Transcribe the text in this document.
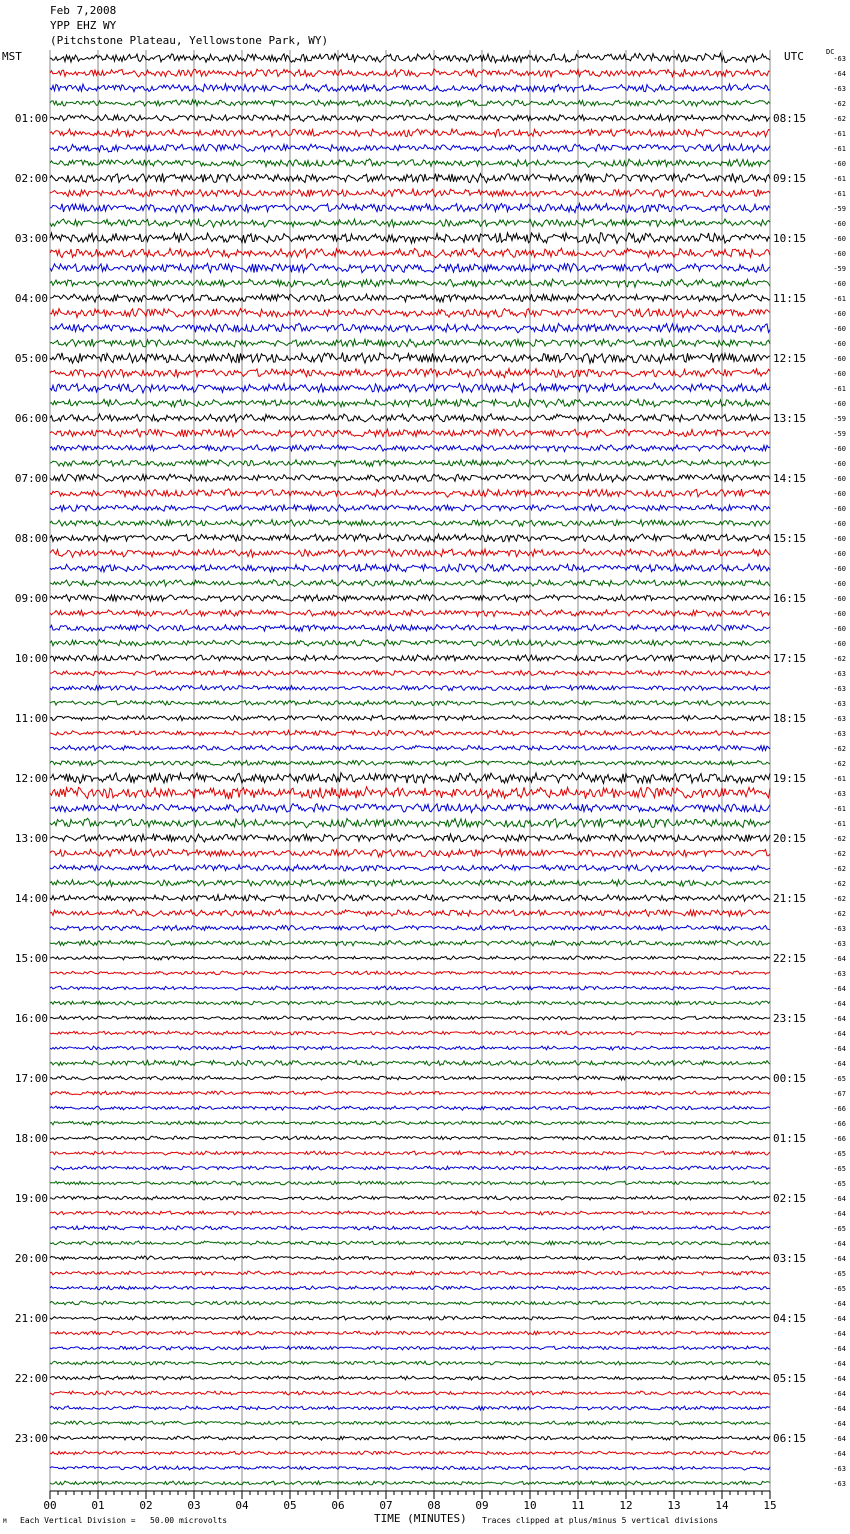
Feb 7,2008
YPP EHZ WY
(Pitchstone Plateau, Yellowstone Park, WY)
MST	UTC	DC
-63
-64
-63
-62
-62
-61
-61
-60
-61
-61
-59
-60
-60
-60
-59
-60
-61
-60
-60
-60
-60
-60
-61
-60
-59
-59
-60
-60
-60
-60
-60
-60
-60
-60
-60
-60
-60
-60
-60
-60
-62
-63
-63
-63
-63
-63
-62
-62
-61
-63
-61
-61
-62
-62
-62
-62
-62
-62
-63
-63
-64
-63
-64
-64
-64
-64
-64
-64
-65
-67
-66
-66
-66
-65
-65
-65
-64
-64
-65
-64
-64
-65
-65
-64
-64
-64
-64
-64
-64
-64
-64
-64
-64
-64
-63
-63
01:00
02:00
03:00
04:00
05:00
06:00
07:00
08:00
09:00
10:00
11:00
12:00
13:00
14:00
15:00
16:00
17:00
18:00
19:00
20:00
21:00
22:00
23:00
08:15
09:15
10:15
11:15
12:15
13:15
14:15
15:15
16:15
17:15
18:15
19:15
20:15
21:15
22:15
23:15
00:15
01:15
02:15
03:15
04:15
05:15
06:15
00	01	02	03	04	05	06	07	08	09	10	11	12	13	14	15
TIME (MINUTES)
M Each Vertical Division =   50.00 microvolts	Traces clipped at plus/minus 5 vertical divisions
